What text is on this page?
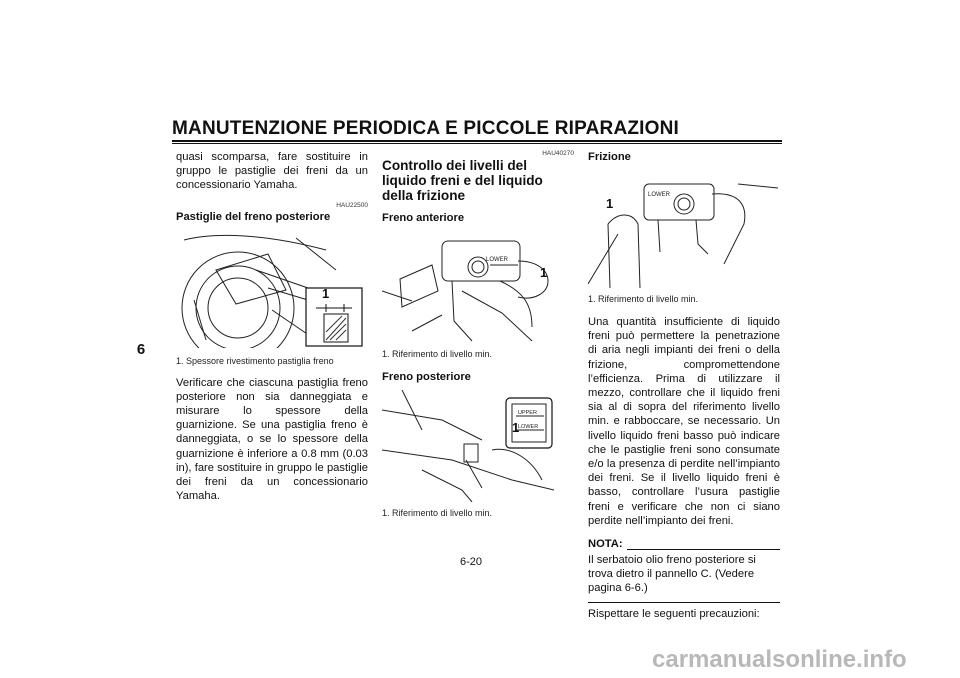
MANUTENZIONE PERIODICA E PICCOLE RIPARAZIONI
6

quasi scomparsa, fare sostituire in gruppo le pastiglie dei freni da un concessionario Yamaha.

HAU22500

Pastiglie del freno posteriore

1

1. Spessore rivestimento pastiglia freno

Verificare che ciascuna pastiglia freno posteriore non sia danneggiata e misurare lo spessore della guarnizione. Se una pastiglia freno è danneggiata, o se lo spessore della guarnizione è inferiore a 0.8 mm (0.03 in), fare sostituire in gruppo le pastiglie dei freni da un concessionario Yamaha.

HAU40270

Controllo dei livelli del liquido freni e del liquido della frizione

Freno anteriore

LOWER
1

1. Riferimento di livello min.

Freno posteriore

UPPER
LOWER
1

1. Riferimento di livello min.

Frizione

LOWER
1

1. Riferimento di livello min.

Una quantità insufficiente di liquido freni può permettere la penetrazione di aria negli impianti dei freni o della frizione, compromettendone l’efficienza. Prima di utilizzare il mezzo, controllare che il liquido freni sia al di sopra del riferimento livello min. e rabboccare, se necessario. Un livello liquido freni basso può indicare che le pastiglie freni sono consumate e/o la presenza di perdite nell’impianto dei freni. Se il livello liquido freni è basso, controllare l’usura pastiglie freni e verificare che non ci siano perdite nell’impianto dei freni.

NOTA:

Il serbatoio olio freno posteriore si trova dietro il pannello C. (Vedere pagina 6-6.)

Rispettare le seguenti precauzioni:

6-20
carmanualsonline.info
